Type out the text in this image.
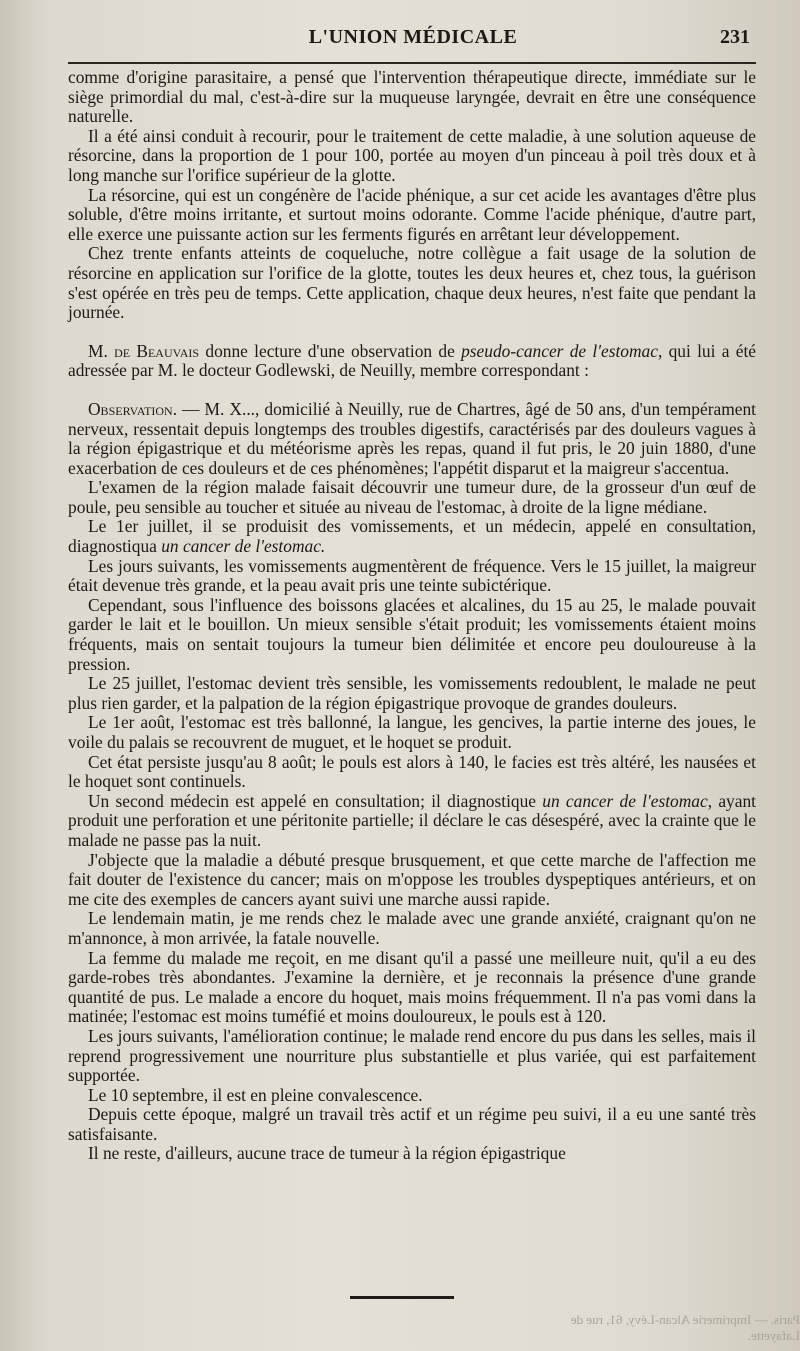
L'UNION MÉDICALE	231

comme d'origine parasitaire, a pensé que l'intervention thérapeutique directe, immédiate sur le siège primordial du mal, c'est-à-dire sur la muqueuse laryngée, devrait en être une conséquence naturelle.

Il a été ainsi conduit à recourir, pour le traitement de cette maladie, à une solution aqueuse de résorcine, dans la proportion de 1 pour 100, portée au moyen d'un pinceau à poil très doux et à long manche sur l'orifice supérieur de la glotte.

La résorcine, qui est un congénère de l'acide phénique, a sur cet acide les avantages d'être plus soluble, d'être moins irritante, et surtout moins odorante. Comme l'acide phénique, d'autre part, elle exerce une puissante action sur les ferments figurés en arrêtant leur développement.

Chez trente enfants atteints de coqueluche, notre collègue a fait usage de la solution de résorcine en application sur l'orifice de la glotte, toutes les deux heures et, chez tous, la guérison s'est opérée en très peu de temps. Cette application, chaque deux heures, n'est faite que pendant la journée.

M. de Beauvais donne lecture d'une observation de pseudo-cancer de l'estomac, qui lui a été adressée par M. le docteur Godlewski, de Neuilly, membre correspondant :

Observation. — M. X..., domicilié à Neuilly, rue de Chartres, âgé de 50 ans, d'un tempérament nerveux, ressentait depuis longtemps des troubles digestifs, caractérisés par des douleurs vagues à la région épigastrique et du météorisme après les repas, quand il fut pris, le 20 juin 1880, d'une exacerbation de ces douleurs et de ces phénomènes; l'appétit disparut et la maigreur s'accentua.

L'examen de la région malade faisait découvrir une tumeur dure, de la grosseur d'un œuf de poule, peu sensible au toucher et située au niveau de l'estomac, à droite de la ligne médiane.

Le 1er juillet, il se produisit des vomissements, et un médecin, appelé en consultation, diagnostiqua un cancer de l'estomac.

Les jours suivants, les vomissements augmentèrent de fréquence. Vers le 15 juillet, la maigreur était devenue très grande, et la peau avait pris une teinte subictérique.

Cependant, sous l'influence des boissons glacées et alcalines, du 15 au 25, le malade pouvait garder le lait et le bouillon. Un mieux sensible s'était produit; les vomissements étaient moins fréquents, mais on sentait toujours la tumeur bien délimitée et encore peu douloureuse à la pression.

Le 25 juillet, l'estomac devient très sensible, les vomissements redoublent, le malade ne peut plus rien garder, et la palpation de la région épigastrique provoque de grandes douleurs.

Le 1er août, l'estomac est très ballonné, la langue, les gencives, la partie interne des joues, le voile du palais se recouvrent de muguet, et le hoquet se produit.

Cet état persiste jusqu'au 8 août; le pouls est alors à 140, le facies est très altéré, les nausées et le hoquet sont continuels.

Un second médecin est appelé en consultation; il diagnostique un cancer de l'estomac, ayant produit une perforation et une péritonite partielle; il déclare le cas désespéré, avec la crainte que le malade ne passe pas la nuit.

J'objecte que la maladie a débuté presque brusquement, et que cette marche de l'affection me fait douter de l'existence du cancer; mais on m'oppose les troubles dyspeptiques antérieurs, et on me cite des exemples de cancers ayant suivi une marche aussi rapide.

Le lendemain matin, je me rends chez le malade avec une grande anxiété, craignant qu'on ne m'annonce, à mon arrivée, la fatale nouvelle.

La femme du malade me reçoit, en me disant qu'il a passé une meilleure nuit, qu'il a eu des garde-robes très abondantes. J'examine la dernière, et je reconnais la présence d'une grande quantité de pus. Le malade a encore du hoquet, mais moins fréquemment. Il n'a pas vomi dans la matinée; l'estomac est moins tuméfié et moins douloureux, le pouls est à 120.

Les jours suivants, l'amélioration continue; le malade rend encore du pus dans les selles, mais il reprend progressivement une nourriture plus substantielle et plus variée, qui est parfaitement supportée.

Le 10 septembre, il est en pleine convalescence.

Depuis cette époque, malgré un travail très actif et un régime peu suivi, il a eu une santé très satisfaisante.

Il ne reste, d'ailleurs, aucune trace de tumeur à la région épigastrique

Paris. — Imprimerie Alcan-Lévy, 61, rue de Lafayette.
